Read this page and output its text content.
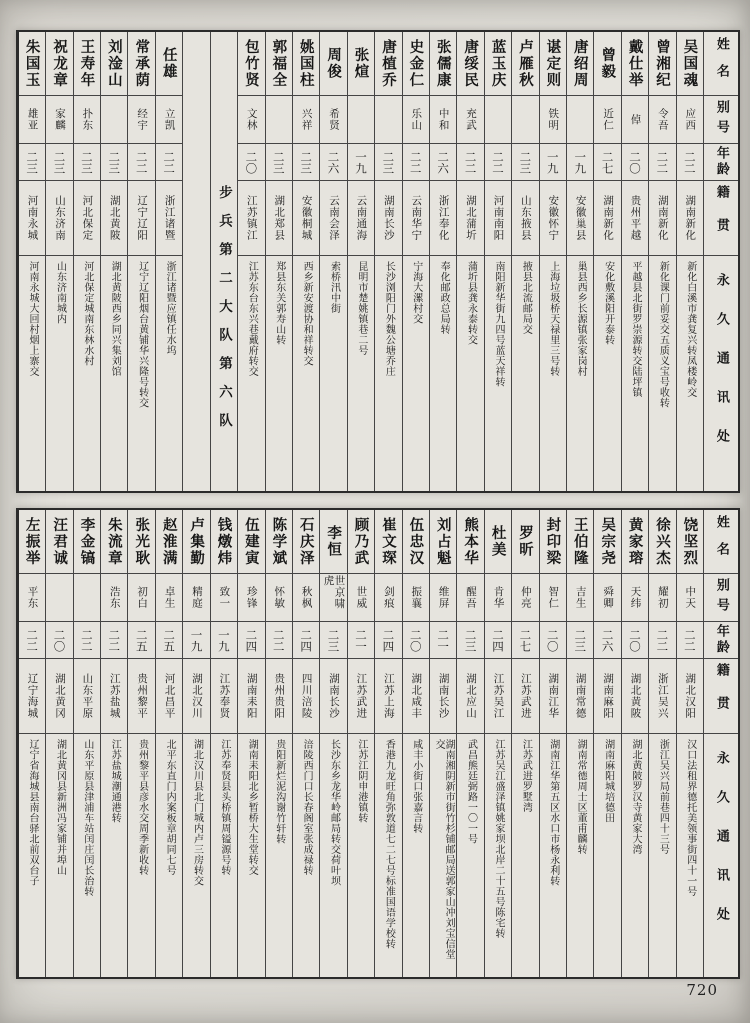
姓名
别号
年龄
籍贯
永久通讯处
吴国魂
应西
二二
湖南新化
新化白溪市龚复兴转凤楼岭交
曾湘纪
令吾
二二
湖南新化
新化课门前妥交五质义宝号收转
戴仕举
倬
二〇
贵州平越
平越县北街罗崇源转交陆坪镇
曾毅
近仁
二七
湖南新化
安化敷溪阳开泰转
唐绍周
一九
安徽巢县
巢县西乡长源镇张家岗村
谌定则
铁明
一九
安徽怀宁
上海垃圾桥天禄里三号转
卢雁秋
二三
山东掖县
掖县北流邮局交
蓝玉庆
二二
河南南阳
南阳新华街九四号蓝天祥转
唐绥民
充武
二二
湖北蒲圻
蒲圻县龚永泰转交
张儒康
中和
二六
浙江奉化
奉化邮政总局转
史金仁
乐山
二二
云南华宁
宁海大漯村交
唐植乔
二三
湖南长沙
长沙浏阳门外魏公塘乔庄
张煊
一九
云南通海
昆明市楚姚镇巷二号
周俊
希贤
二六
云南会泽
索桥汛中街
姚国柱
兴祥
二三
安徽桐城
西乡新安渡协和祥转交
郭福全
二三
湖北郑县
郑县东关郭寿山转
包竹贤
文林
二〇
江苏镇江
江苏东台东兴巷戴府转交
步兵第二大队第六队
任雄
立凯
二二
浙江诸暨
浙江诸暨应镇任水坞
常承荫
经宇
二二
辽宁辽阳
辽宁辽阳烟台黄铺华兴隆号转交
刘淦山
二三
湖北黄陂
湖北黄陂西乡同兴集刘馆
王寿年
扑东
二三
河北保定
河北保定城南东林水村
祝龙章
家麟
二三
山东济南
山东济南城内
朱国玉
雄亚
二三
河南永城
河南永城大回村烟上寨交
姓名
别号
年龄
籍贯
永久通讯处
饶坚烈
中天
二二
湖北汉阳
汉口法租界德托美领事街四十一号
徐兴杰
耀初
二二
浙江吴兴
浙江吴兴局前巷四十三号
黄家瑢
天纬
二〇
湖北黄陂
湖北黄陂罗汉寺黄家大湾
吴宗尧
舜卿
二六
湖南麻阳
湖南麻阳城培德田
王伯隆
吉生
二三
湖南常德
湖南常德周士区董甫麟转
封印梁
智仁
二〇
湖南江华
湖南江华第五区水口市杨永利转
罗昕
仲亮
二七
江苏武进
江苏武进罗墅湾
杜美
肯华
二四
江苏吴江
江苏吴江盛泽镇姚家坝北岸二十五号陈宅转
熊本华
醒吾
二三
湖北应山
武昌熊廷弼路一〇一号
刘占魁
维屏
二一
湖南长沙
湖南湘阴新市街竹杉铺邮局送郭家山冲刘宝信堂交
伍忠汉
振襄
二〇
湖北咸丰
咸丰小街口张嘉言转
崔文琛
剑痕
二四
江苏上海
香港九龙旺角弥敦道七二七号标准国语学校转
顾乃武
世威
二一
江苏武进
江苏江阴申港镇转
李恒
世京啸虎
二三
湖南长沙
长沙东乡龙华岭邮局转交荷叶坝
石庆泽
秋枫
二四
四川涪陵
涪陵西门口长春阁室张成禄转
陈学斌
怀敏
二二
贵州贵阳
贵阳新烂泥沟谢竹轩转
伍建寅
珍锋
二四
湖南耒阳
湖南耒阳北乡暂桥大生堂转交
钱燉炜
致一
一九
江苏奉贤
江苏奉贤县头桥镇周镒源号转
卢集勤
精庭
一九
湖北汉川
湖北汉川县北门城内卢三房转交
赵淮满
卓生
二五
河北昌平
北平东直门内案板章胡同七号
张光耿
初白
二五
贵州黎平
贵州黎平县彦水交周季新收转
朱流章
浩东
二二
江苏盐城
江苏盐城潮通港转
李金镐
二二
山东平原
山东平原县津浦车站闰庄闰长治转
汪君诚
二〇
湖北黄冈
湖北黄冈县新洲冯家铺并埠山
左振举
平东
二二
辽宁海城
辽宁省海城县南台驿北前双台子
720
